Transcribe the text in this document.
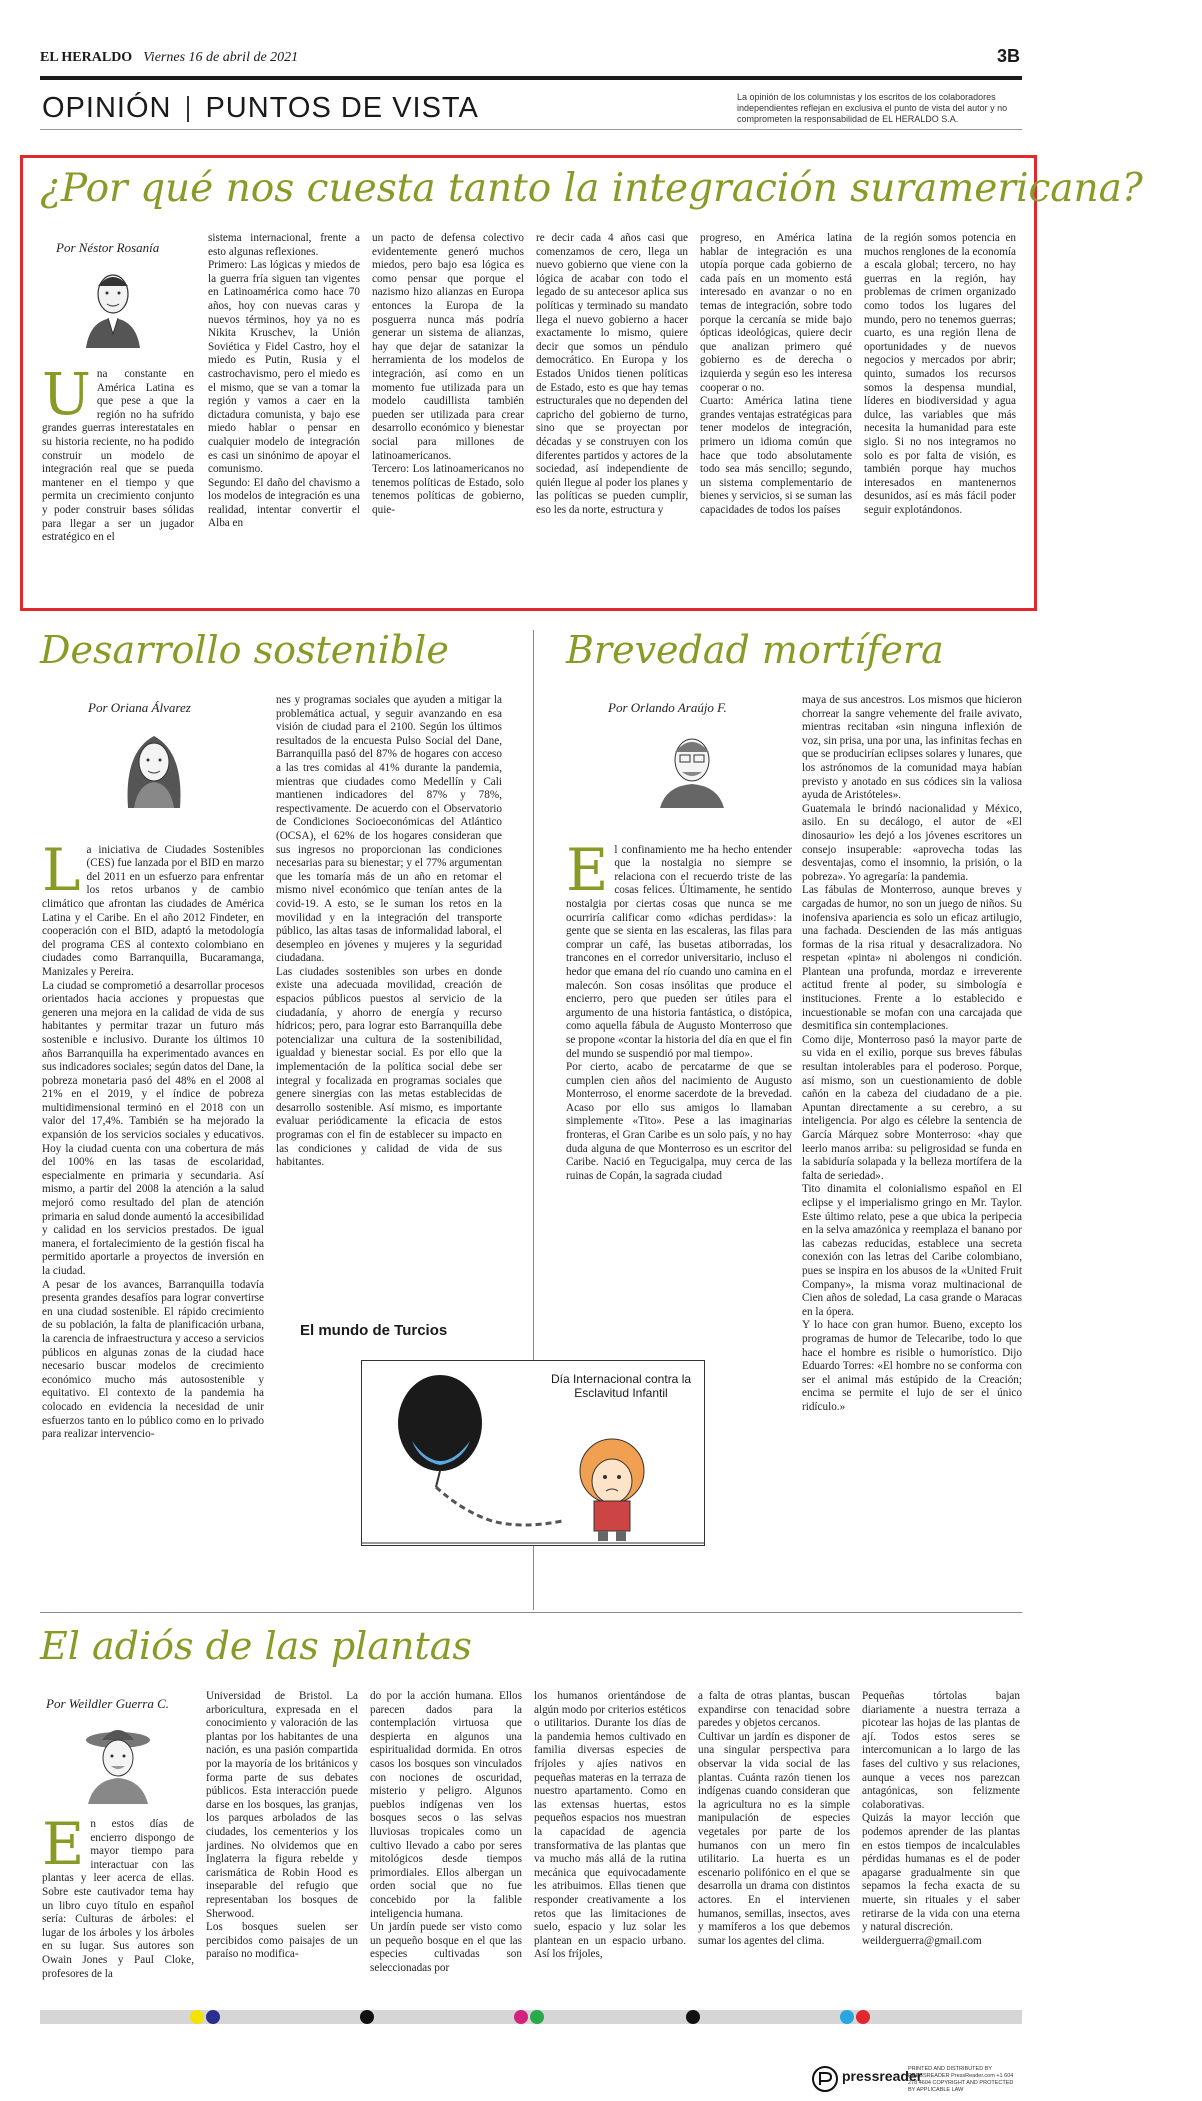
EL HERALDO Viernes 16 de abril de 2021	3B
OPINIÓN PUNTOS DE VISTA	La opinión de los columnistas y los escritos de los colaboradores independientes reflejan en exclusiva el punto de vista del autor y no comprometen la responsabilidad de EL HERALDO S.A.
¿Por qué nos cuesta tanto la integración suramericana?
Por Néstor Rosanía
U na constante en América Latina es que pese a que la región no ha sufrido grandes guerras interestatales en su historia reciente, no ha podido construir un modelo de integración real que se pueda mantener en el tiempo y que permita un crecimiento conjunto y poder construir bases sólidas para llegar a ser un jugador estratégico en el
sistema internacional, frente a esto algunas reflexiones.
Primero: Las lógicas y miedos de la guerra fría siguen tan vigentes en Latinoamérica como hace 70 años, hoy con nuevas caras y nuevos términos, hoy ya no es Nikita Kruschev, la Unión Soviética y Fidel Castro, hoy el miedo es Putin, Rusia y el castrochavismo, pero el miedo es el mismo, que se van a tomar la región y vamos a caer en la dictadura comunista, y bajo ese miedo hablar o pensar en cualquier modelo de integración es casi un sinónimo de apoyar el comunismo.
Segundo: El daño del chavismo a los modelos de integración es una realidad, intentar convertir el Alba en
un pacto de defensa colectivo evidentemente generó muchos miedos, pero bajo esa lógica es como pensar que porque el nazismo hizo alianzas en Europa entonces la Europa de la posguerra nunca más podría generar un sistema de alianzas, hay que dejar de satanizar la herramienta de los modelos de integración, así como en un momento fue utilizada para un modelo caudillista también pueden ser utilizada para crear desarrollo económico y bienestar social para millones de latinoamericanos.
Tercero: Los latinoamericanos no tenemos políticas de Estado, solo tenemos políticas de gobierno, quie-
re decir cada 4 años casi que comenzamos de cero, llega un nuevo gobierno que viene con la lógica de acabar con todo el legado de su antecesor aplica sus políticas y terminado su mandato llega el nuevo gobierno a hacer exactamente lo mismo, quiere decir que somos un péndulo democrático. En Europa y los Estados Unidos tienen políticas de Estado, esto es que hay temas estructurales que no dependen del capricho del gobierno de turno, sino que se proyectan por décadas y se construyen con los diferentes partidos y actores de la sociedad, así independiente de quién llegue al poder los planes y las políticas se pueden cumplir, eso les da norte, estructura y
progreso, en América latina hablar de integración es una utopía porque cada gobierno de cada país en un momento está interesado en avanzar o no en temas de integración, sobre todo porque la cercanía se mide bajo ópticas ideológicas, quiere decir que analizan primero qué gobierno es de derecha o izquierda y según eso les interesa cooperar o no.
Cuarto: América latina tiene grandes ventajas estratégicas para tener modelos de integración, primero un idioma común que hace que todo absolutamente todo sea más sencillo; segundo, un sistema complementario de bienes y servicios, si se suman las capacidades de todos los países
de la región somos potencia en muchos renglones de la economía a escala global; tercero, no hay guerras en la región, hay problemas de crimen organizado como todos los lugares del mundo, pero no tenemos guerras; cuarto, es una región llena de oportunidades y de nuevos negocios y mercados por abrir; quinto, sumados los recursos somos la despensa mundial, líderes en biodiversidad y agua dulce, las variables que más necesita la humanidad para este siglo. Si no nos integramos no solo es por falta de visión, es también porque hay muchos interesados en mantenernos desunidos, así es más fácil poder seguir explotándonos.
Desarrollo sostenible
Por Oriana Álvarez

La iniciativa de Ciudades Sostenibles (CES) fue lanzada por el BID en marzo del 2011 en un esfuerzo para enfrentar los retos urbanos y de cambio climático que afrontan las ciudades de América Latina y el Caribe. En el año 2012 Findeter, en cooperación con el BID, adaptó la metodología del programa CES al contexto colombiano en ciudades como Barranquilla, Bucaramanga, Manizales y Pereira.
La ciudad se comprometió a desarrollar procesos orientados hacia acciones y propuestas que generen una mejora en la calidad de vida de sus habitantes y permitar trazar un futuro más sostenible e inclusivo. Durante los últimos 10 años Barranquilla ha experimentado avances en sus indicadores sociales; según datos del Dane, la pobreza monetaria pasó del 48% en el 2008 al 21% en el 2019, y el índice de pobreza multidimensional terminó en el 2018 con un valor del 17,4%. También se ha mejorado la expansión de los servicios sociales y educativos. Hoy la ciudad cuenta con una cobertura de más del 100% en las tasas de escolaridad, especialmente en primaria y secundaria. Así mismo, a partir del 2008 la atención a la salud mejoró como resultado del plan de atención primaria en salud donde aumentó la accesibilidad y calidad en los servicios prestados. De igual manera, el fortalecimiento de la gestión fiscal ha permitido aportarle a proyectos de inversión en la ciudad.
A pesar de los avances, Barranquilla todavía presenta grandes desafíos para lograr convertirse en una ciudad sostenible. El rápido crecimiento de su población, la falta de planificación urbana, la carencia de infraestructura y acceso a servicios públicos en algunas zonas de la ciudad hace necesario buscar modelos de crecimiento económico mucho más autosostenible y equitativo. El contexto de la pandemia ha colocado en evidencia la necesidad de unir esfuerzos tanto en lo público como en lo privado para realizar intervencio-

nes y programas sociales que ayuden a mitigar la problemática actual, y seguir avanzando en esa visión de ciudad para el 2100. Según los últimos resultados de la encuesta Pulso Social del Dane, Barranquilla pasó del 87% de hogares con acceso a las tres comidas al 41% durante la pandemia, mientras que ciudades como Medellín y Cali mantienen indicadores del 87% y 78%, respectivamente. De acuerdo con el Observatorio de Condiciones Socioeconómicas del Atlántico (OCSA), el 62% de los hogares consideran que sus ingresos no proporcionan las condiciones necesarias para su bienestar; y el 77% argumentan que les tomaría más de un año en retomar el mismo nivel económico que tenían antes de la covid-19. A esto, se le suman los retos en la movilidad y en la integración del transporte público, las altas tasas de informalidad laboral, el desempleo en jóvenes y mujeres y la seguridad ciudadana.
Las ciudades sostenibles son urbes en donde existe una adecuada movilidad, creación de espacios públicos puestos al servicio de la ciudadanía, y ahorro de energía y recurso hídricos; pero, para lograr esto Barranquilla debe potencializar una cultura de la sostenibilidad, igualdad y bienestar social. Es por ello que la implementación de la política social debe ser integral y focalizada en programas sociales que genere sinergias con las metas establecidas de desarrollo sostenible. Así mismo, es importante evaluar periódicamente la eficacia de estos programas con el fin de establecer su impacto en las condiciones y calidad de vida de sus habitantes.
Brevedad mortífera
Por Orlando Araújo F.

El confinamiento me ha hecho entender que la nostalgia no siempre se relaciona con el recuerdo triste de las cosas felices. Últimamente, he sentido nostalgia por ciertas cosas que nunca se me ocurriría calificar como «dichas perdidas»: la gente que se sienta en las escaleras, las filas para comprar un café, las busetas atiborradas, los trancones en el corredor universitario, incluso el hedor que emana del río cuando uno camina en el malecón. Son cosas insólitas que produce el encierro, pero que pueden ser útiles para el argumento de una historia fantástica, o distópica, como aquella fábula de Augusto Monterroso que se propone «contar la historia del día en que el fin del mundo se suspendió por mal tiempo».
Por cierto, acabo de percatarme de que se cumplen cien años del nacimiento de Augusto Monterroso, el enorme sacerdote de la brevedad. Acaso por ello sus amigos lo llamaban simplemente «Tito». Pese a las imaginarias fronteras, el Gran Caribe es un solo país, y no hay duda alguna de que Monterroso es un escritor del Caribe. Nació en Tegucigalpa, muy cerca de las ruinas de Copán, la sagrada ciudad

maya de sus ancestros. Los mismos que hicieron chorrear la sangre vehemente del fraile avivato, mientras recitaban «sin ninguna inflexión de voz, sin prisa, una por una, las infinitas fechas en que se producirían eclipses solares y lunares, que los astrónomos de la comunidad maya habían previsto y anotado en sus códices sin la valiosa ayuda de Aristóteles».
Guatemala le brindó nacionalidad y México, asilo. En su decálogo, el autor de «El dinosaurio» les dejó a los jóvenes escritores un consejo insuperable: «aprovecha todas las desventajas, como el insomnio, la prisión, o la pobreza». Yo agregaría: la pandemia.
Las fábulas de Monterroso, aunque breves y cargadas de humor, no son un juego de niños. Su inofensiva apariencia es solo un eficaz artilugio, una fachada. Descienden de las más antiguas formas de la risa ritual y desacralizadora. No respetan «pinta» ni abolengos ni condición. Plantean una profunda, mordaz e irreverente actitud frente al poder, su simbología e instituciones. Frente a lo establecido e incuestionable se mofan con una carcajada que desmitifica sin contemplaciones.
Como dije, Monterroso pasó la mayor parte de su vida en el exilio, porque sus breves fábulas resultan intolerables para el poderoso. Porque, así mismo, son un cuestionamiento de doble cañón en la cabeza del ciudadano de a pie. Apuntan directamente a su cerebro, a su inteligencia. Por algo es célebre la sentencia de García Márquez sobre Monterroso: «hay que leerlo manos arriba: su peligrosidad se funda en la sabiduría solapada y la belleza mortífera de la falta de seriedad».
Tito dinamita el colonialismo español en El eclipse y el imperialismo gringo en Mr. Taylor. Este último relato, pese a que ubica la peripecia en la selva amazónica y reemplaza el banano por las cabezas reducidas, establece una secreta conexión con las letras del Caribe colombiano, pues se inspira en los abusos de la «United Fruit Company», la misma voraz multinacional de Cien años de soledad, La casa grande o Maracas en la ópera.
Y lo hace con gran humor. Bueno, excepto los programas de humor de Telecaribe, todo lo que hace el hombre es risible o humorístico. Dijo Eduardo Torres: «El hombre no se conforma con ser el animal más estúpido de la Creación; encima se permite el lujo de ser el único ridículo.»
El mundo de Turcios
Día Internacional contra la Esclavitud Infantil
El adiós de las plantas
Por Weildler Guerra C.
En estos días de encierro dispongo de mayor tiempo para interactuar con las plantas y leer acerca de ellas. Sobre este cautivador tema hay un libro cuyo título en español sería: Culturas de árboles: el lugar de los árboles y los árboles en su lugar. Sus autores son Owain Jones y Paul Cloke, profesores de la
Universidad de Bristol. La arboricultura, expresada en el conocimiento y valoración de las plantas por los habitantes de una nación, es una pasión compartida por la mayoría de los británicos y forma parte de sus debates públicos. Esta interacción puede darse en los bosques, las granjas, los parques arbolados de las ciudades, los cementerios y los jardines. No olvidemos que en Inglaterra la figura rebelde y carismática de Robin Hood es inseparable del refugio que representaban los bosques de Sherwood.
Los bosques suelen ser percibidos como paisajes de un paraíso no modifica-
do por la acción humana. Ellos parecen dados para la contemplación virtuosa que despierta en algunos una espiritualidad dormida. En otros casos los bosques son vinculados con nociones de oscuridad, misterio y peligro. Algunos pueblos indígenas ven los bosques secos o las selvas lluviosas tropicales como un cultivo llevado a cabo por seres mitológicos desde tiempos primordiales. Ellos albergan un orden social que no fue concebido por la falible inteligencia humana.
Un jardín puede ser visto como un pequeño bosque en el que las especies cultivadas son seleccionadas por
los humanos orientándose de algún modo por criterios estéticos o utilitarios. Durante los días de la pandemia hemos cultivado en familia diversas especies de fríjoles y ajíes nativos en pequeñas materas en la terraza de nuestro apartamento. Como en las extensas huertas, estos pequeños espacios nos muestran la capacidad de agencia transformativa de las plantas que va mucho más allá de la rutina mecánica que equivocadamente les atribuimos. Ellas tienen que responder creativamente a los retos que las limitaciones de suelo, espacio y luz solar les plantean en un espacio urbano. Así los fríjoles,
a falta de otras plantas, buscan expandirse con tenacidad sobre paredes y objetos cercanos.
Cultivar un jardín es disponer de una singular perspectiva para observar la vida social de las plantas. Cuánta razón tienen los indígenas cuando consideran que la agricultura no es la simple manipulación de especies vegetales por parte de los humanos con un mero fin utilitario. La huerta es un escenario polifónico en el que se desarrolla un drama con distintos actores. En el intervienen humanos, semillas, insectos, aves y mamíferos a los que debemos sumar los agentes del clima.
Pequeñas tórtolas bajan diariamente a nuestra terraza a picotear las hojas de las plantas de ají. Todos estos seres se intercomunican a lo largo de las fases del cultivo y sus relaciones, aunque a veces nos parezcan antagónicas, son felizmente colaborativas.
Quizás la mayor lección que podemos aprender de las plantas en estos tiempos de incalculables pérdidas humanas es el de poder apagarse gradualmente sin que sepamos la fecha exacta de su muerte, sin rituales y el saber retirarse de la vida con una eterna y natural discreción.
weilderguerra@gmail.com
pressreader
PRINTED AND DISTRIBUTED BY PRESSREADER PressReader.com +1 604 278 4604 COPYRIGHT AND PROTECTED BY APPLICABLE LAW
